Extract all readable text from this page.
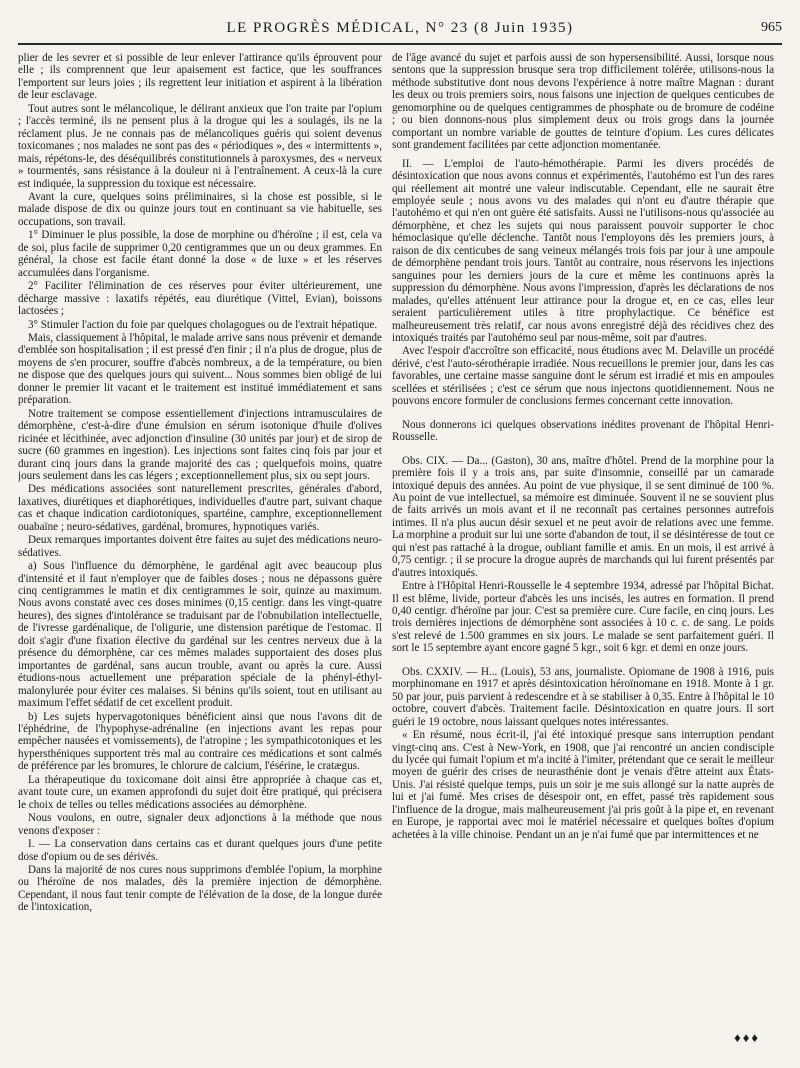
LE PROGRÈS MÉDICAL, N° 23 (8 Juin 1935)	965

plier de les sevrer et si possible de leur enlever l'attirance qu'ils éprouvent pour elle ; ils comprennent que leur apaisement est factice, que les souffrances l'emportent sur leurs joies ; ils regrettent leur initiation et aspirent à la libération de leur esclavage.

Tout autres sont le mélancolique, le délirant anxieux que l'on traite par l'opium ; l'accès terminé, ils ne pensent plus à la drogue qui les a soulagés, ils ne la réclament plus. Je ne connais pas de mélancoliques guéris qui soient devenus toxicomanes ; nos malades ne sont pas des « périodiques », des « intermittents », mais, répétons-le, des déséquilibrés constitutionnels à paroxysmes, des « nerveux » tourmentés, sans résistance à la douleur ni à l'entraînement. A ceux-là la cure est indiquée, la suppression du toxique est nécessaire.

Avant la cure, quelques soins préliminaires, si la chose est possible, si le malade dispose de dix ou quinze jours tout en continuant sa vie habituelle, ses occupations, son travail.

1° Diminuer le plus possible, la dose de morphine ou d'héroïne ; il est, cela va de soi, plus facile de supprimer 0,20 centigrammes que un ou deux grammes. En général, la chose est facile étant donné la dose « de luxe » et les réserves accumulées dans l'organisme.

2° Faciliter l'élimination de ces réserves pour éviter ultérieurement, une décharge massive : laxatifs répétés, eau diurétique (Vittel, Evian), boissons lactosées ;

3° Stimuler l'action du foie par quelques cholagogues ou de l'extrait hépatique.

Mais, classiquement à l'hôpital, le malade arrive sans nous prévenir et demande d'emblée son hospitalisation ; il est pressé d'en finir ; il n'a plus de drogue, plus de moyens de s'en procurer, souffre d'abcès nombreux, a de la température, ou bien ne dispose que des quelques jours qui suivent... Nous sommes bien obligé de lui donner le premier lit vacant et le traitement est institué immédiatement et sans préparation.

Notre traitement se compose essentiellement d'injections intramusculaires de démorphène, c'est-à-dire d'une émulsion en sérum isotonique d'huile d'olives ricinée et lécithinée, avec adjonction d'insuline (30 unités par jour) et de sirop de sucre (60 grammes en ingestion). Les injections sont faites cinq fois par jour et durant cinq jours dans la grande majorité des cas ; quelquefois moins, quatre jours seulement dans les cas légers ; exceptionnellement plus, six ou sept jours.

Des médications associées sont naturellement prescrites, générales d'abord, laxatives, diurétiques et diaphorétiques, individuelles d'autre part, suivant chaque cas et chaque indication cardiotoniques, spartéine, camphre, exceptionnellement ouabaïne ; neuro-sédatives, gardénal, bromures, hypnotiques variés.

Deux remarques importantes doivent être faites au sujet des médications neuro-sédatives.

a) Sous l'influence du démorphène, le gardénal agit avec beaucoup plus d'intensité et il faut n'employer que de faibles doses ; nous ne dépassons guère cinq centigrammes le matin et dix centigrammes le soir, quinze au maximum. Nous avons constaté avec ces doses minimes (0,15 centigr. dans les vingt-quatre heures), des signes d'intolérance se traduisant par de l'obnubilation intellectuelle, de l'ivresse gardénalique, de l'oligurie, une distension parétique de l'estomac. Il doit s'agir d'une fixation élective du gardénal sur les centres nerveux due à la présence du démorphène, car ces mêmes malades supportaient des doses plus importantes de gardénal, sans aucun trouble, avant ou après la cure. Aussi étudions-nous actuellement une préparation spéciale de la phényl-éthyl-malonylurée pour éviter ces malaises. Si bénins qu'ils soient, tout en utilisant au maximum l'effet sédatif de cet excellent produit.

b) Les sujets hypervagotoniques bénéficient ainsi que nous l'avons dit de l'éphédrine, de l'hypophyse-adrénaline (en injections avant les repas pour empêcher nausées et vomissements), de l'atropine ; les sympathicotoniques et les hypersthéniques supportent très mal au contraire ces médications et sont calmés de préférence par les bromures, le chlorure de calcium, l'ésérine, le cratægus.

La thérapeutique du toxicomane doit ainsi être appropriée à chaque cas et, avant toute cure, un examen approfondi du sujet doit être pratiqué, qui précisera le choix de telles ou telles médications associées au démorphène.

Nous voulons, en outre, signaler deux adjonctions à la méthode que nous venons d'exposer :

I. — La conservation dans certains cas et durant quelques jours d'une petite dose d'opium ou de ses dérivés.

Dans la majorité de nos cures nous supprimons d'emblée l'opium, la morphine ou l'héroïne de nos malades, dès la première injection de démorphène. Cependant, il nous faut tenir compte de l'élévation de la dose, de la longue durée de l'intoxication,

de l'âge avancé du sujet et parfois aussi de son hypersensibilité. Aussi, lorsque nous sentons que la suppression brusque sera trop difficilement tolérée, utilisons-nous la méthode substitutive dont nous devons l'expérience à notre maître Magnan : durant les deux ou trois premiers soirs, nous faisons une injection de quelques centicubes de genomorphine ou de quelques centigrammes de phosphate ou de bromure de codéine ; ou bien donnons-nous plus simplement deux ou trois grogs dans la journée comportant un nombre variable de gouttes de teinture d'opium. Les cures délicates sont grandement facilitées par cette adjonction momentanée.

II. — L'emploi de l'auto-hémothérapie. Parmi les divers procédés de désintoxication que nous avons connus et expérimentés, l'autohémo est l'un des rares qui réellement ait montré une valeur indiscutable. Cependant, elle ne saurait être employée seule ; nous avons vu des malades qui n'ont eu d'autre thérapie que l'autohémo et qui n'en ont guère été satisfaits. Aussi ne l'utilisons-nous qu'associée au démorphène, et chez les sujets qui nous paraissent pouvoir supporter le choc hémoclasique qu'elle déclenche. Tantôt nous l'employons dès les premiers jours, à raison de dix centicubes de sang veineux mélangés trois fois par jour à une ampoule de démorphène pendant trois jours. Tantôt au contraire, nous réservons les injections sanguines pour les derniers jours de la cure et même les continuons après la suppression du démorphène. Nous avons l'impression, d'après les déclarations de nos malades, qu'elles atténuent leur attirance pour la drogue et, en ce cas, elles leur seraient particulièrement utiles à titre prophylactique. Ce bénéfice est malheureusement très relatif, car nous avons enregistré déjà des récidives chez des intoxiqués traités par l'autohémo seul par nous-même, soit par d'autres.

Avec l'espoir d'accroître son efficacité, nous étudions avec M. Delaville un procédé dérivé, c'est l'auto-sérothérapie irradiée. Nous recueillons le premier jour, dans les cas favorables, une certaine masse sanguine dont le sérum est irradié et mis en ampoules scellées et stérilisées ; c'est ce sérum que nous injectons quotidiennement. Nous ne pouvons encore formuler de conclusions fermes concernant cette innovation.

Nous donnerons ici quelques observations inédites provenant de l'hôpital Henri-Rousselle.

Obs. CIX. — Da... (Gaston), 30 ans, maître d'hôtel. Prend de la morphine pour la première fois il y a trois ans, par suite d'insomnie, conseillé par un camarade intoxiqué depuis des années. Au point de vue physique, il se sent diminué de 100 %. Au point de vue intellectuel, sa mémoire est diminuée. Souvent il ne se souvient plus de faits arrivés un mois avant et il ne reconnaît pas certaines personnes autrefois intimes. Il n'a plus aucun désir sexuel et ne peut avoir de relations avec une femme. La morphine a produit sur lui une sorte d'abandon de tout, il se désintéresse de tout ce qui n'est pas rattaché à la drogue, oubliant famille et amis. En un mois, il est arrivé à 0,75 centigr. ; il se procure la drogue auprès de marchands qui lui furent présentés par d'autres intoxiqués.

Entre à l'Hôpital Henri-Rousselle le 4 septembre 1934, adressé par l'hôpital Bichat. Il est blême, livide, porteur d'abcès les uns incisés, les autres en formation. Il prend 0,40 centigr. d'héroïne par jour. C'est sa première cure. Cure facile, en cinq jours. Les trois dernières injections de démorphène sont associées à 10 c. c. de sang. Le poids s'est relevé de 1.500 grammes en six jours. Le malade se sent parfaitement guéri. Il sort le 15 septembre ayant encore gagné 5 kgr., soit 6 kgr. et demi en onze jours.

Obs. CXXIV. — H... (Louis), 53 ans, journaliste. Opiomane de 1908 à 1916, puis morphinomane en 1917 et après désintoxication héroïnomane en 1918. Monte à 1 gr. 50 par jour, puis parvient à redescendre et à se stabiliser à 0,35. Entre à l'hôpital le 10 octobre, couvert d'abcès. Traitement facile. Désintoxication en quatre jours. Il sort guéri le 19 octobre, nous laissant quelques notes intéressantes.

« En résumé, nous écrit-il, j'ai été intoxiqué presque sans interruption pendant vingt-cinq ans. C'est à New-York, en 1908, que j'ai rencontré un ancien condisciple du lycée qui fumait l'opium et m'a incité à l'imiter, prétendant que ce serait le meilleur moyen de guérir des crises de neurasthénie dont je venais d'être atteint aux États-Unis. J'ai résisté quelque temps, puis un soir je me suis allongé sur la natte auprès de lui et j'ai fumé. Mes crises de désespoir ont, en effet, passé très rapidement sous l'influence de la drogue, mais malheureusement j'ai pris goût à la pipe et, en revenant en Europe, je rapportai avec moi le matériel nécessaire et quelques boîtes d'opium achetées à la ville chinoise. Pendant un an je n'ai fumé que par intermittences et ne

♦♦♦
